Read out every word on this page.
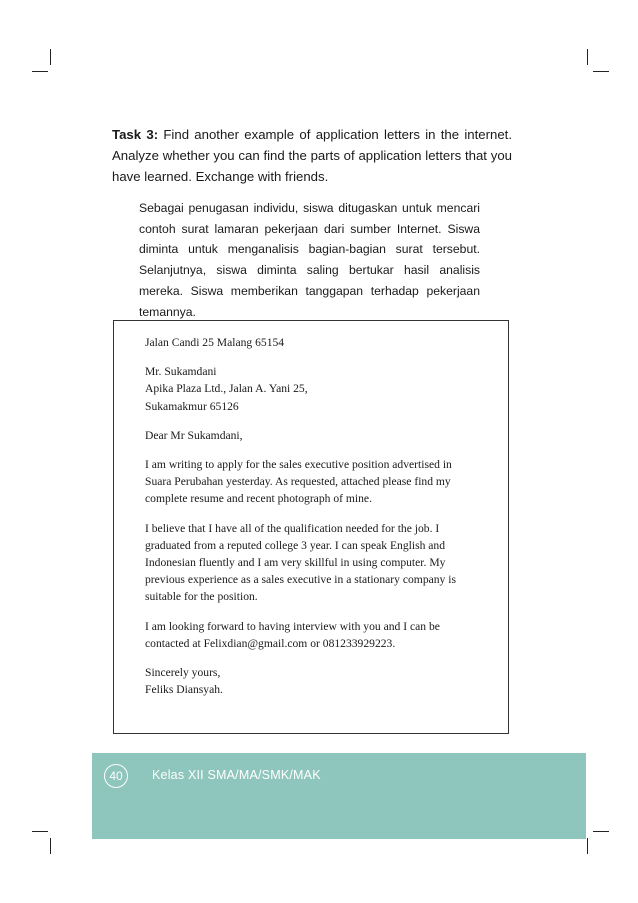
Task 3: Find another example of application letters in the internet. Analyze whether you can find the parts of application letters that you have learned. Exchange with friends.
Sebagai penugasan individu, siswa ditugaskan untuk mencari contoh surat lamaran pekerjaan dari sumber Internet. Siswa diminta untuk menganalisis bagian-bagian surat tersebut. Selanjutnya, siswa diminta saling bertukar hasil analisis mereka. Siswa memberikan tanggapan terhadap pekerjaan temannya.

Jalan Candi 25 Malang 65154

Mr. Sukamdani

Apika Plaza Ltd., Jalan A. Yani 25,

Sukamakmur 65126

Dear Mr Sukamdani,

I am writing to apply for the sales executive position advertised in

Suara Perubahan yesterday. As requested, attached please find my

complete resume and recent photograph of mine.

I believe that I have all of the qualification needed for the job. I

graduated from a reputed college 3 year. I can speak English and

Indonesian fluently and I am very skillful in using computer. My

previous experience as a sales executive in a stationary company is

suitable for the position.

I am looking forward to having interview with you and I can be

contacted at Felixdian@gmail.com or 081233929223.

Sincerely yours,

Feliks Diansyah.

40	Kelas XII SMA/MA/SMK/MAK
